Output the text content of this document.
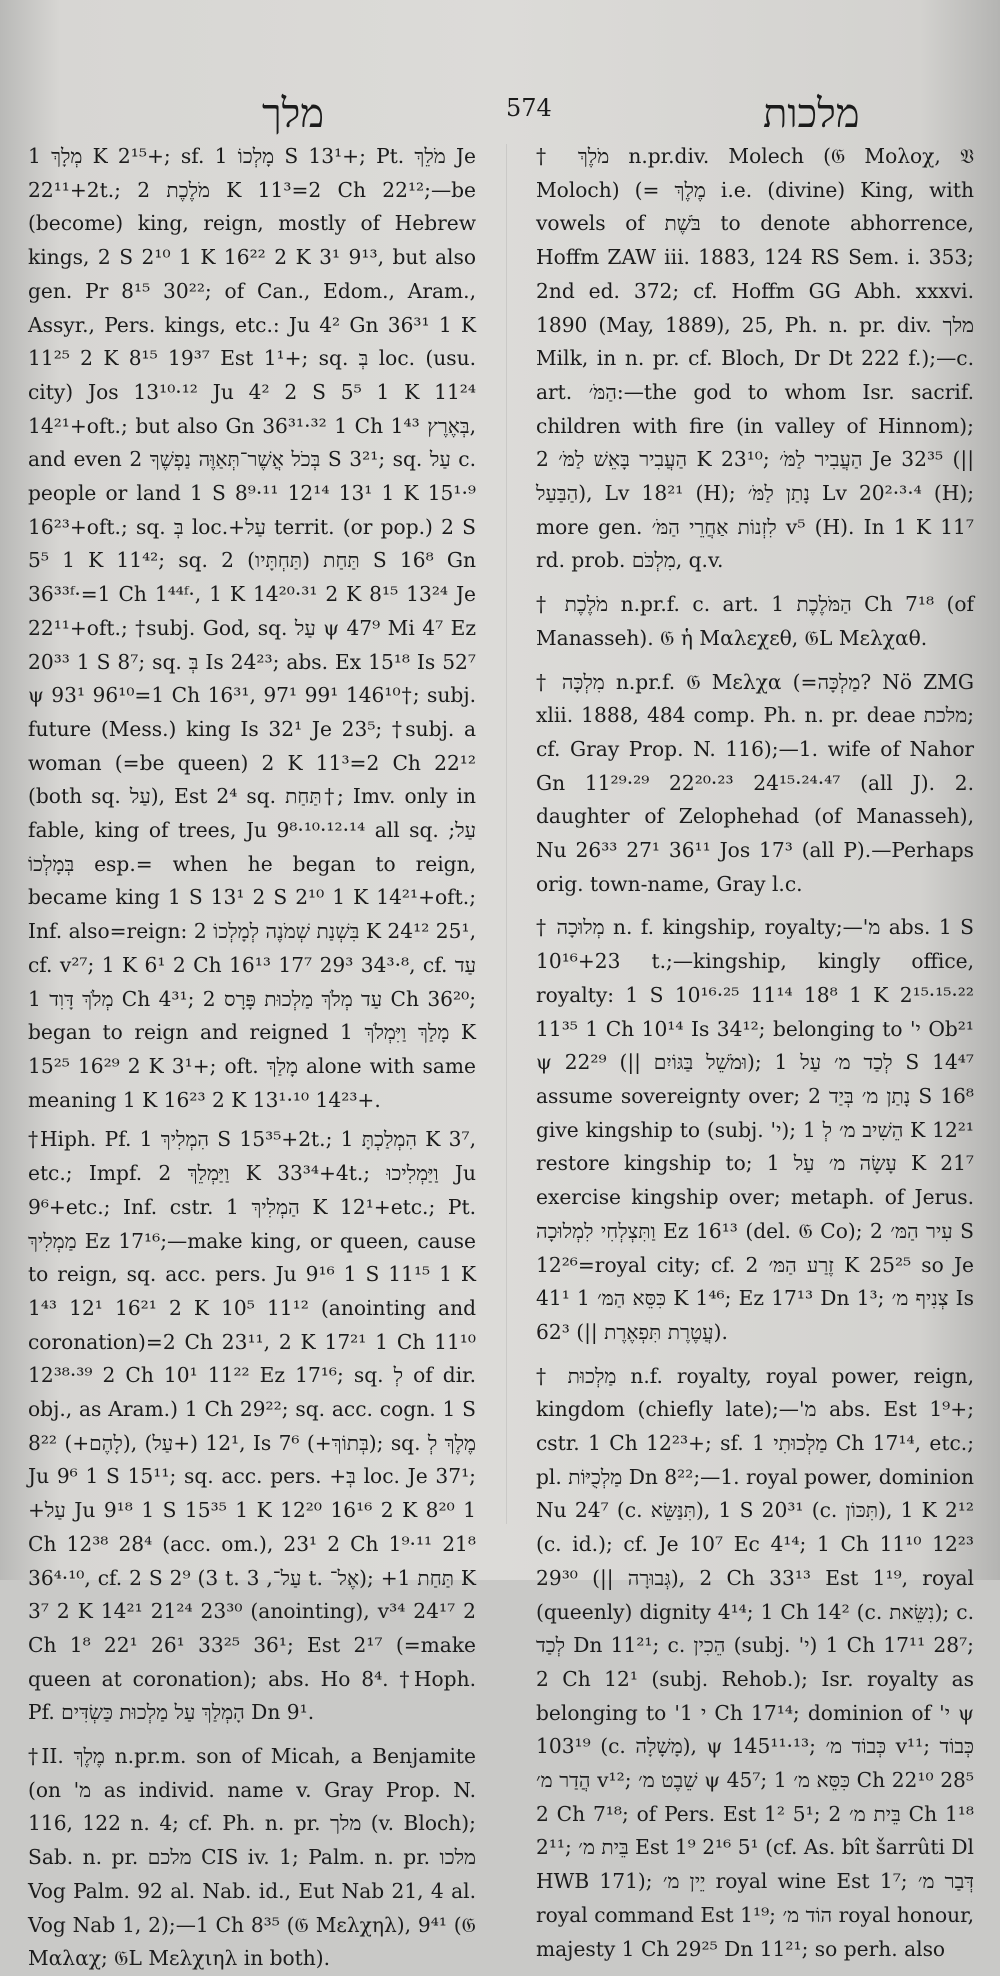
מלך	574	מלכות

מְלָךְ 1 K 2¹⁵+; sf. מָלְכוֹ 1 S 13¹+; Pt. מֹלֵךְ Je 22¹¹+2t.; מֹלֶכֶת 2 K 11³=2 Ch 22¹²;—be (become) king, reign, mostly of Hebrew kings, 2 S 2¹⁰ 1 K 16²² 2 K 3¹ 9¹³, but also gen. Pr 8¹⁵ 30²²; of Can., Edom., Aram., Assyr., Pers. kings, etc.: Ju 4² Gn 36³¹ 1 K 11²⁵ 2 K 8¹⁵ 19³⁷ Est 1¹+; sq. בְּ loc. (usu. city) Jos 13¹⁰·¹² Ju 4² 2 S 5⁵ 1 K 11²⁴ 14²¹+oft.; but also Gn 36³¹·³² 1 Ch 1⁴³ בְּאֶרֶץ, and even בְּכֹל אֲשֶׁר־תְּאַוֶּה נַפְשֶׁךָ 2 S 3²¹; sq. עַל c. people or land 1 S 8⁹·¹¹ 12¹⁴ 13¹ 1 K 15¹·⁹ 16²³+oft.; sq. בְּ loc.+עַל territ. (or pop.) 2 S 5⁵ 1 K 11⁴²; sq. תַּחַת (תַּחְתָּיו) 2 S 16⁸ Gn 36³³ᶠ·=1 Ch 1⁴⁴ᶠ·, 1 K 14²⁰·³¹ 2 K 8¹⁵ 13²⁴ Je 22¹¹+oft.; †subj. God, sq. עַל ψ 47⁹ Mi 4⁷ Ez 20³³ 1 S 8⁷; sq. בְּ Is 24²³; abs. Ex 15¹⁸ Is 52⁷ ψ 93¹ 96¹⁰=1 Ch 16³¹, 97¹ 99¹ 146¹⁰†; subj. future (Mess.) king Is 32¹ Je 23⁵; †subj. a woman (=be queen) 2 K 11³=2 Ch 22¹² (both sq. עַל), Est 2⁴ sq. תַּחַת†; Imv. only in fable, king of trees, Ju 9⁸·¹⁰·¹²·¹⁴ all sq. עַל; בְּמָלְכוֹ esp.= when he began to reign, became king 1 S 13¹ 2 S 2¹⁰ 1 K 14²¹+oft.; Inf. also=reign: בִּשְׁנַת שְׁמֹנֶה לְמָלְכוֹ 2 K 24¹² 25¹, cf. v²⁷; 1 K 6¹ 2 Ch 16¹³ 17⁷ 29³ 34³·⁸, cf. עַד מְלֹךְ דָּוִד 1 Ch 4³¹; עַד מְלֹךְ מַלְכוּת פָּרָס 2 Ch 36²⁰; began to reign and reigned מָלַךְ וַיִּמְלֹךְ 1 K 15²⁵ 16²⁹ 2 K 3¹+; oft. מָלַךְ alone with same meaning 1 K 16²³ 2 K 13¹·¹⁰ 14²³+.

†Hiph. Pf. הִמְלִיךְ 1 S 15³⁵+2t.; הִמְלַכְתָּ 1 K 3⁷, etc.; Impf. וַיַּמְלֵךְ 2 K 33³⁴+4t.; וַיַּמְלִיכוּ Ju 9⁶+etc.; Inf. cstr. הַמְלִיךְ 1 K 12¹+etc.; Pt. מַמְלִיךְ Ez 17¹⁶;—make king, or queen, cause to reign, sq. acc. pers. Ju 9¹⁶ 1 S 11¹⁵ 1 K 1⁴³ 12¹ 16²¹ 2 K 10⁵ 11¹² (anointing and coronation)=2 Ch 23¹¹, 2 K 17²¹ 1 Ch 11¹⁰ 12³⁸·³⁹ 2 Ch 10¹ 11²² Ez 17¹⁶; sq. לְ of dir. obj., as Aram.) 1 Ch 29²²; sq. acc. cogn. 1 S 8²² (+לָהֶם), 12¹ (+עַל), Is 7⁶ (+בְּתוֹךְ); sq. מֶלֶךְ לְ Ju 9⁶ 1 S 15¹¹; sq. acc. pers. +בְּ loc. Je 37¹; +עַל Ju 9¹⁸ 1 S 15³⁵ 1 K 12²⁰ 16¹⁶ 2 K 8²⁰ 1 Ch 12³⁸ 28⁴ (acc. om.), 23¹ 2 Ch 1⁹·¹¹ 21⁸ 36⁴·¹⁰, cf. 2 S 2⁹ (3 t. עַל־, 3 t. אֶל־); +תַּחַת 1 K 3⁷ 2 K 14²¹ 21²⁴ 23³⁰ (anointing), v³⁴ 24¹⁷ 2 Ch 1⁸ 22¹ 26¹ 33²⁵ 36¹; Est 2¹⁷ (=make queen at coronation); abs. Ho 8⁴. †Hoph. Pf. הָמְלַךְ עַל מַלְכוּת כַּשְׂדִּים Dn 9¹.

†II. מֶלֶךְ n.pr.m. son of Micah, a Benjamite (on 'מ as individ. name v. Gray Prop. N. 116, 122 n. 4; cf. Ph. n. pr. מלך (v. Bloch); Sab. n. pr. מלכם CIS iv. 1; Palm. n. pr. מלכו Vog Palm. 92 al. Nab. id., Eut Nab 21, 4 al. Vog Nab 1, 2);—1 Ch 8³⁵ (𝔊 Μελχηλ), 9⁴¹ (𝔊 Μαλαχ; 𝔊L Μελχιηλ in both).

† מֹלֶךְ n.pr.div. Molech (𝔊 Μολοχ, 𝔙 Moloch) (= מֶלֶךְ i.e. (divine) King, with vowels of בֹּשֶׁת to denote abhorrence, Hoffm ZAW iii. 1883, 124 RS Sem. i. 353; 2nd ed. 372; cf. Hoffm GG Abh. xxxvi. 1890 (May, 1889), 25, Ph. n. pr. div. מלך Milk, in n. pr. cf. Bloch, Dr Dt 222 f.);—c. art. הַמֹּ׳:—the god to whom Isr. sacrif. children with fire (in valley of Hinnom); הַעֲבִיר בָּאֵשׁ לַמֹּ׳ 2 K 23¹⁰; הַעֲבִיר לַמֹּ׳ Je 32³⁵ (|| הַבַּעַל), Lv 18²¹ (H); נָתַן לַמֹּ׳ Lv 20²·³·⁴ (H); more gen. לִזְנוֹת אַחֲרֵי הַמֹּ׳ v⁵ (H). In 1 K 11⁷ rd. prob. מִלְכֹּם, q.v.

† מֹלֶכֶת n.pr.f. c. art. הַמֹּלֶכֶת 1 Ch 7¹⁸ (of Manasseh). 𝔊 ἡ Μαλεχεθ, 𝔊L Μελχαθ.

† מִלְכָּה n.pr.f. 𝔊 Μελχα (=מַלְכָּה? Nö ZMG xlii. 1888, 484 comp. Ph. n. pr. deae מלכת; cf. Gray Prop. N. 116);—1. wife of Nahor Gn 11²⁹·²⁹ 22²⁰·²³ 24¹⁵·²⁴·⁴⁷ (all J). 2. daughter of Zelophehad (of Manasseh), Nu 26³³ 27¹ 36¹¹ Jos 17³ (all P).—Perhaps orig. town-name, Gray l.c.

† מְלוּכָה n. f. kingship, royalty;—'מ abs. 1 S 10¹⁶+23 t.;—kingship, kingly office, royalty: 1 S 10¹⁶·²⁵ 11¹⁴ 18⁸ 1 K 2¹⁵·¹⁵·²² 11³⁵ 1 Ch 10¹⁴ Is 34¹²; belonging to 'י Ob²¹ ψ 22²⁹ (|| וּמֹשֵׁל בַּגּוֹיִם); לְכַד מ׳ עַל 1 S 14⁴⁷ assume sovereignty over; נָתַן מ׳ בְּיַד 2 S 16⁸ give kingship to (subj. 'י); הֵשִׁיב מ׳ לְ 1 K 12²¹ restore kingship to; עָשָׂה מ׳ עַל 1 K 21⁷ exercise kingship over; metaph. of Jerus. וַתִּצְלְחִי לִמְלוּכָה Ez 16¹³ (del. 𝔊 Co); עִיר הַמּ׳ 2 S 12²⁶=royal city; cf. זֶרַע הַמּ׳ 2 K 25²⁵ so Je 41¹ כִּסֵּא הַמּ׳ 1 K 1⁴⁶; Ez 17¹³ Dn 1³; צְנִיף מ׳ Is 62³ (|| עֲטֶרֶת תִּפְאֶרֶת).

† מַלְכוּת n.f. royalty, royal power, reign, kingdom (chiefly late);—'מ abs. Est 1⁹+; cstr. 1 Ch 12²³+; sf. מַלְכוּתִי 1 Ch 17¹⁴, etc.; pl. מַלְכֻיּוֹת Dn 8²²;—1. royal power, dominion Nu 24⁷ (c. תִּנַּשֵּׂא), 1 S 20³¹ (c. תִּכּוֹן), 1 K 2¹² (c. id.); cf. Je 10⁷ Ec 4¹⁴; 1 Ch 11¹⁰ 12²³ 29³⁰ (|| גְּבוּרָה), 2 Ch 33¹³ Est 1¹⁹, royal (queenly) dignity 4¹⁴; 1 Ch 14² (c. נִשֵּׂאת); c. לְכַד Dn 11²¹; c. הֵכִין (subj. 'י) 1 Ch 17¹¹ 28⁷; 2 Ch 12¹ (subj. Rehob.); Isr. royalty as belonging to 'י 1 Ch 17¹⁴; dominion of 'י ψ 103¹⁹ (c. מָשָׁלָה), ψ 145¹¹·¹³; כְּבוֹד מ׳ v¹¹; כְּבוֹד הֲדַר מ׳ v¹²; שֵׁבֶט מ׳ ψ 45⁷; כִּסֵּא מ׳ 1 Ch 22¹⁰ 28⁵ 2 Ch 7¹⁸; of Pers. Est 1² 5¹; בֵּית מ׳ 2 Ch 1¹⁸ 2¹¹; בֵּית מ׳ Est 1⁹ 2¹⁶ 5¹ (cf. As. bît šarrûti Dl HWB 171); יֵין מ׳ royal wine Est 1⁷; דְּבַר מ׳ royal command Est 1¹⁹; הוֹד מ׳ royal honour, majesty 1 Ch 29²⁵ Dn 11²¹; so perh. also
